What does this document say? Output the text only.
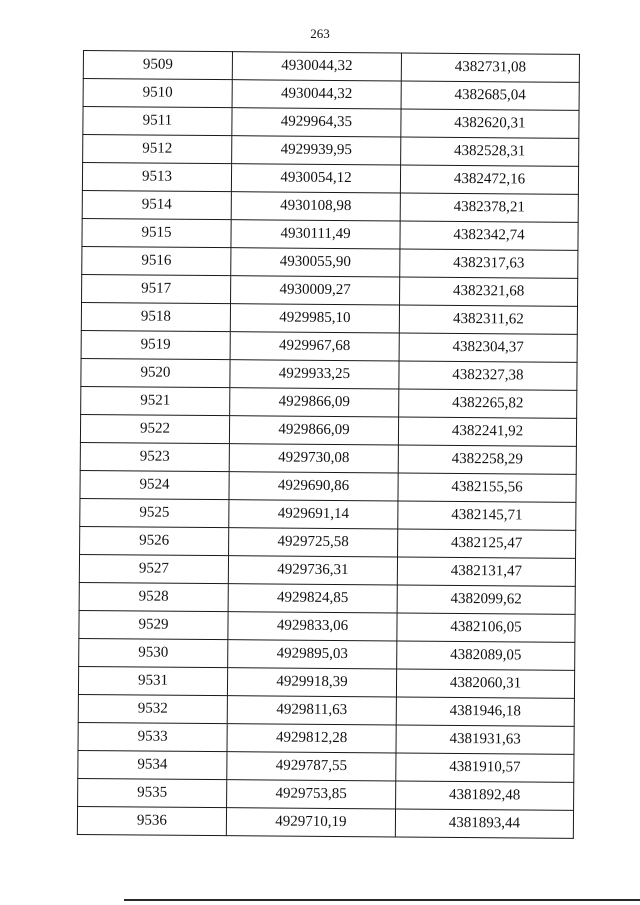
263
9509	4930044,32	4382731,08
9510	4930044,32	4382685,04
9511	4929964,35	4382620,31
9512	4929939,95	4382528,31
9513	4930054,12	4382472,16
9514	4930108,98	4382378,21
9515	4930111,49	4382342,74
9516	4930055,90	4382317,63
9517	4930009,27	4382321,68
9518	4929985,10	4382311,62
9519	4929967,68	4382304,37
9520	4929933,25	4382327,38
9521	4929866,09	4382265,82
9522	4929866,09	4382241,92
9523	4929730,08	4382258,29
9524	4929690,86	4382155,56
9525	4929691,14	4382145,71
9526	4929725,58	4382125,47
9527	4929736,31	4382131,47
9528	4929824,85	4382099,62
9529	4929833,06	4382106,05
9530	4929895,03	4382089,05
9531	4929918,39	4382060,31
9532	4929811,63	4381946,18
9533	4929812,28	4381931,63
9534	4929787,55	4381910,57
9535	4929753,85	4381892,48
9536	4929710,19	4381893,44
